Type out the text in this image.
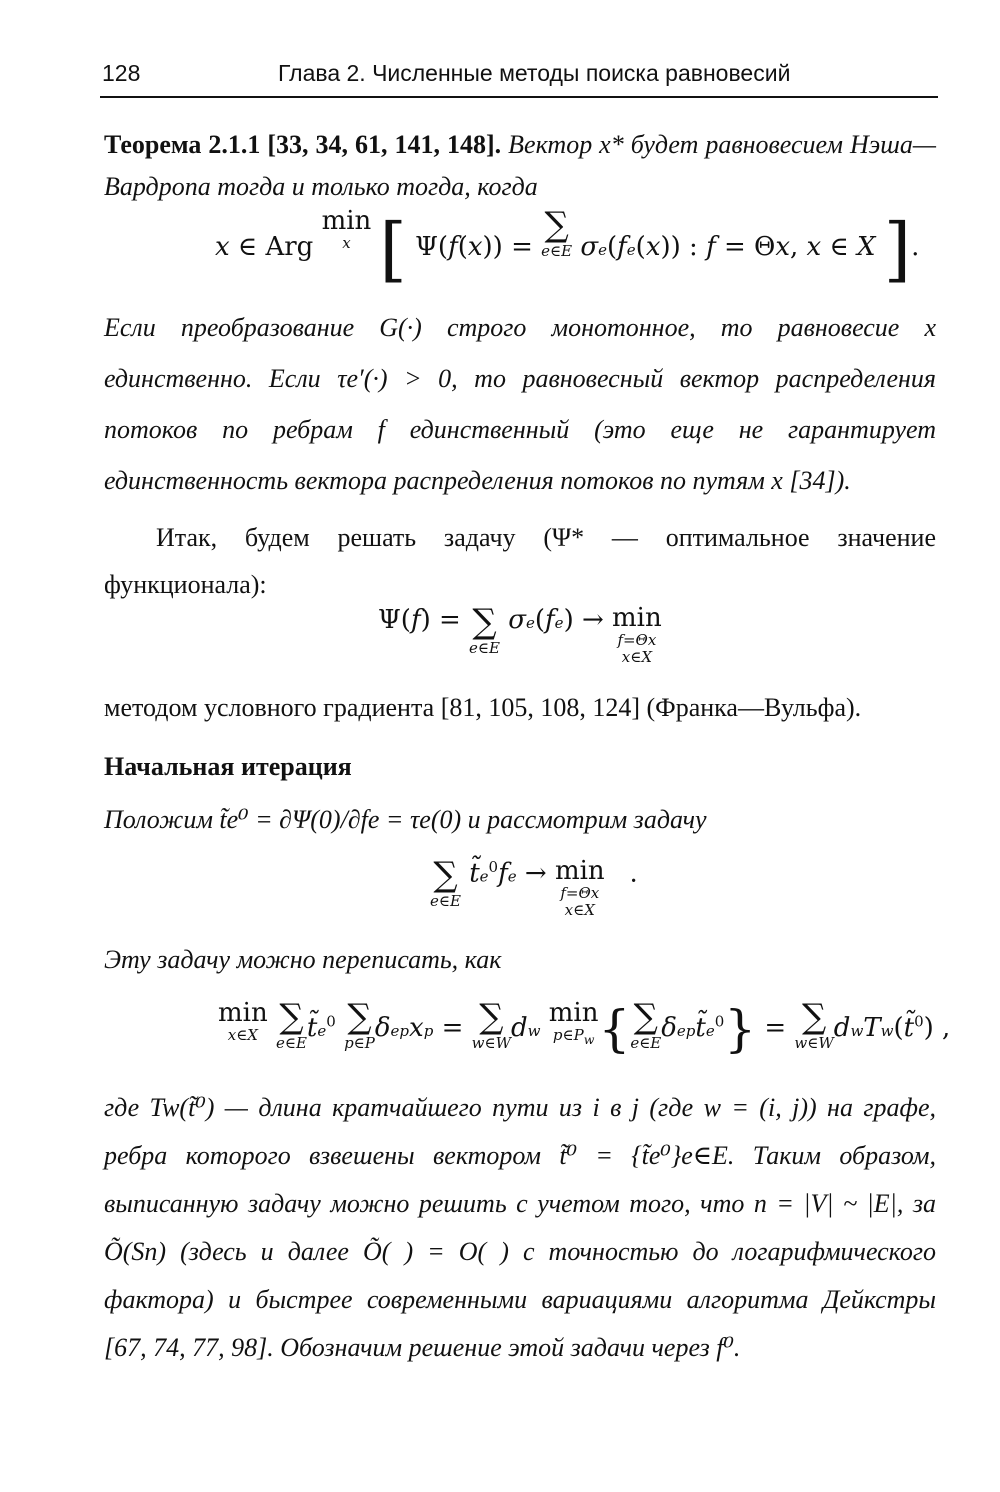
128	Глава 2. Численные методы поиска равновесий
Теорема 2.1.1 [33, 34, 61, 141, 148]. Вектор x* будет равновесием Нэша—Вардропа тогда и только тогда, когда
x ∈ Arg min
x [ Ψ(f(x)) = ∑
e∈E σe(fe(x)) : f = Θx, x ∈ X ].
Если преобразование G(·) строго монотонное, то равновесие x единственно. Если τe′(·) > 0, то равновесный вектор распределения потоков по ребрам f единственный (это еще не гарантирует единственность вектора распределения потоков по путям x [34]).
Итак, будем решать задачу (Ψ* — оптимальное значение функционала):
Ψ(f) = ∑
e∈E
σe(fe) → min
f=Θx
x∈X
методом условного градиента [81, 105, 108, 124] (Франка—Вульфа).
Начальная итерация
Положим t̃e⁰ = ∂Ψ(0)/∂fe = τe(0) и рассмотрим задачу
∑
e∈E
$t̃e^0fe \to \min$
f=Θx
x∈X
.
Эту задачу можно переписать, как
min
x∈X ∑
e∈E $t̃e^0$ ∑
p∈P δepxp = ∑
w∈W dw min
$p\in P_w$ {∑
e∈E $\delta ept̃e^0$} = ∑
w∈W dwTw(t̃$^0$) ,
где Tw(t̃⁰) — длина кратчайшего пути из i в j (где w = (i, j)) на графе, ребра которого взвешены вектором t̃⁰ = {t̃e⁰}e∈E. Таким образом, выписанную задачу можно решить с учетом того, что n = |V| ~ |E|, за Õ(Sn) (здесь и далее Õ( ) = O( ) с точностью до логарифмического фактора) и быстрее современными вариациями алгоритма Дейкстры [67, 74, 77, 98]. Обозначим решение этой задачи через f⁰.
